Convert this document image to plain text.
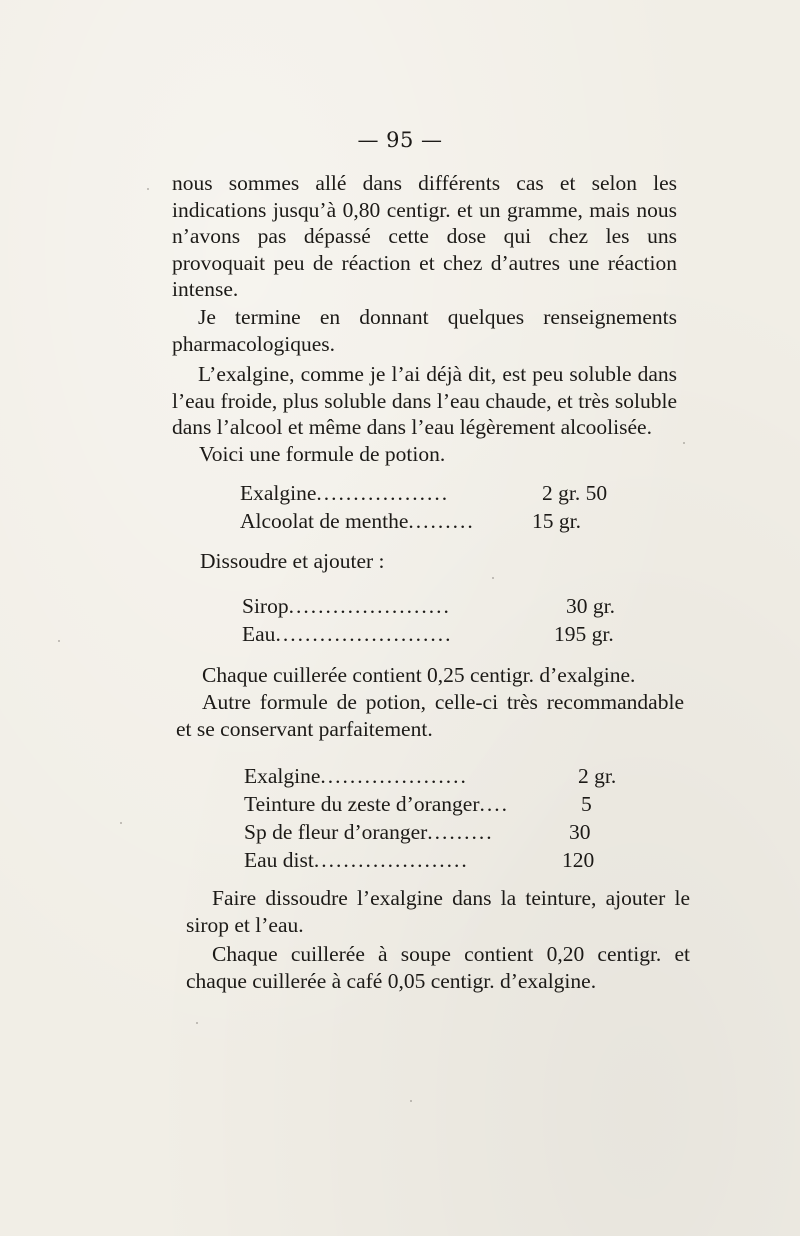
— 95 —

nous sommes allé dans différents cas et selon les indications jusqu’à 0,80 centigr. et un gramme, mais nous n’avons pas dépassé cette dose qui chez les uns provoquait peu de réaction et chez d’autres une réaction intense.

Je termine en donnant quelques renseignements pharmacologiques.

L’exalgine, comme je l’ai déjà dit, est peu soluble dans l’eau froide, plus soluble dans l’eau chaude, et très soluble dans l’alcool et même dans l’eau légèrement alcoolisée.

Voici une formule de potion.
Exalgine..................	2 gr. 50
Alcoolat de menthe.........	15 gr.
Dissoudre et ajouter :
Sirop......................	30 gr.
Eau........................	195 gr.
Chaque cuillerée contient 0,25 centigr. d’exalgine.

Autre formule de potion, celle-ci très recommandable et se conservant parfaitement.

Exalgine....................	2 gr.
Teinture du zeste d’oranger....	5
Sp de fleur d’oranger.........	30
Eau dist.....................	120

Faire dissoudre l’exalgine dans la teinture, ajouter le sirop et l’eau.

Chaque cuillerée à soupe contient 0,20 centigr. et chaque cuillerée à café 0,05 centigr. d’exalgine.
